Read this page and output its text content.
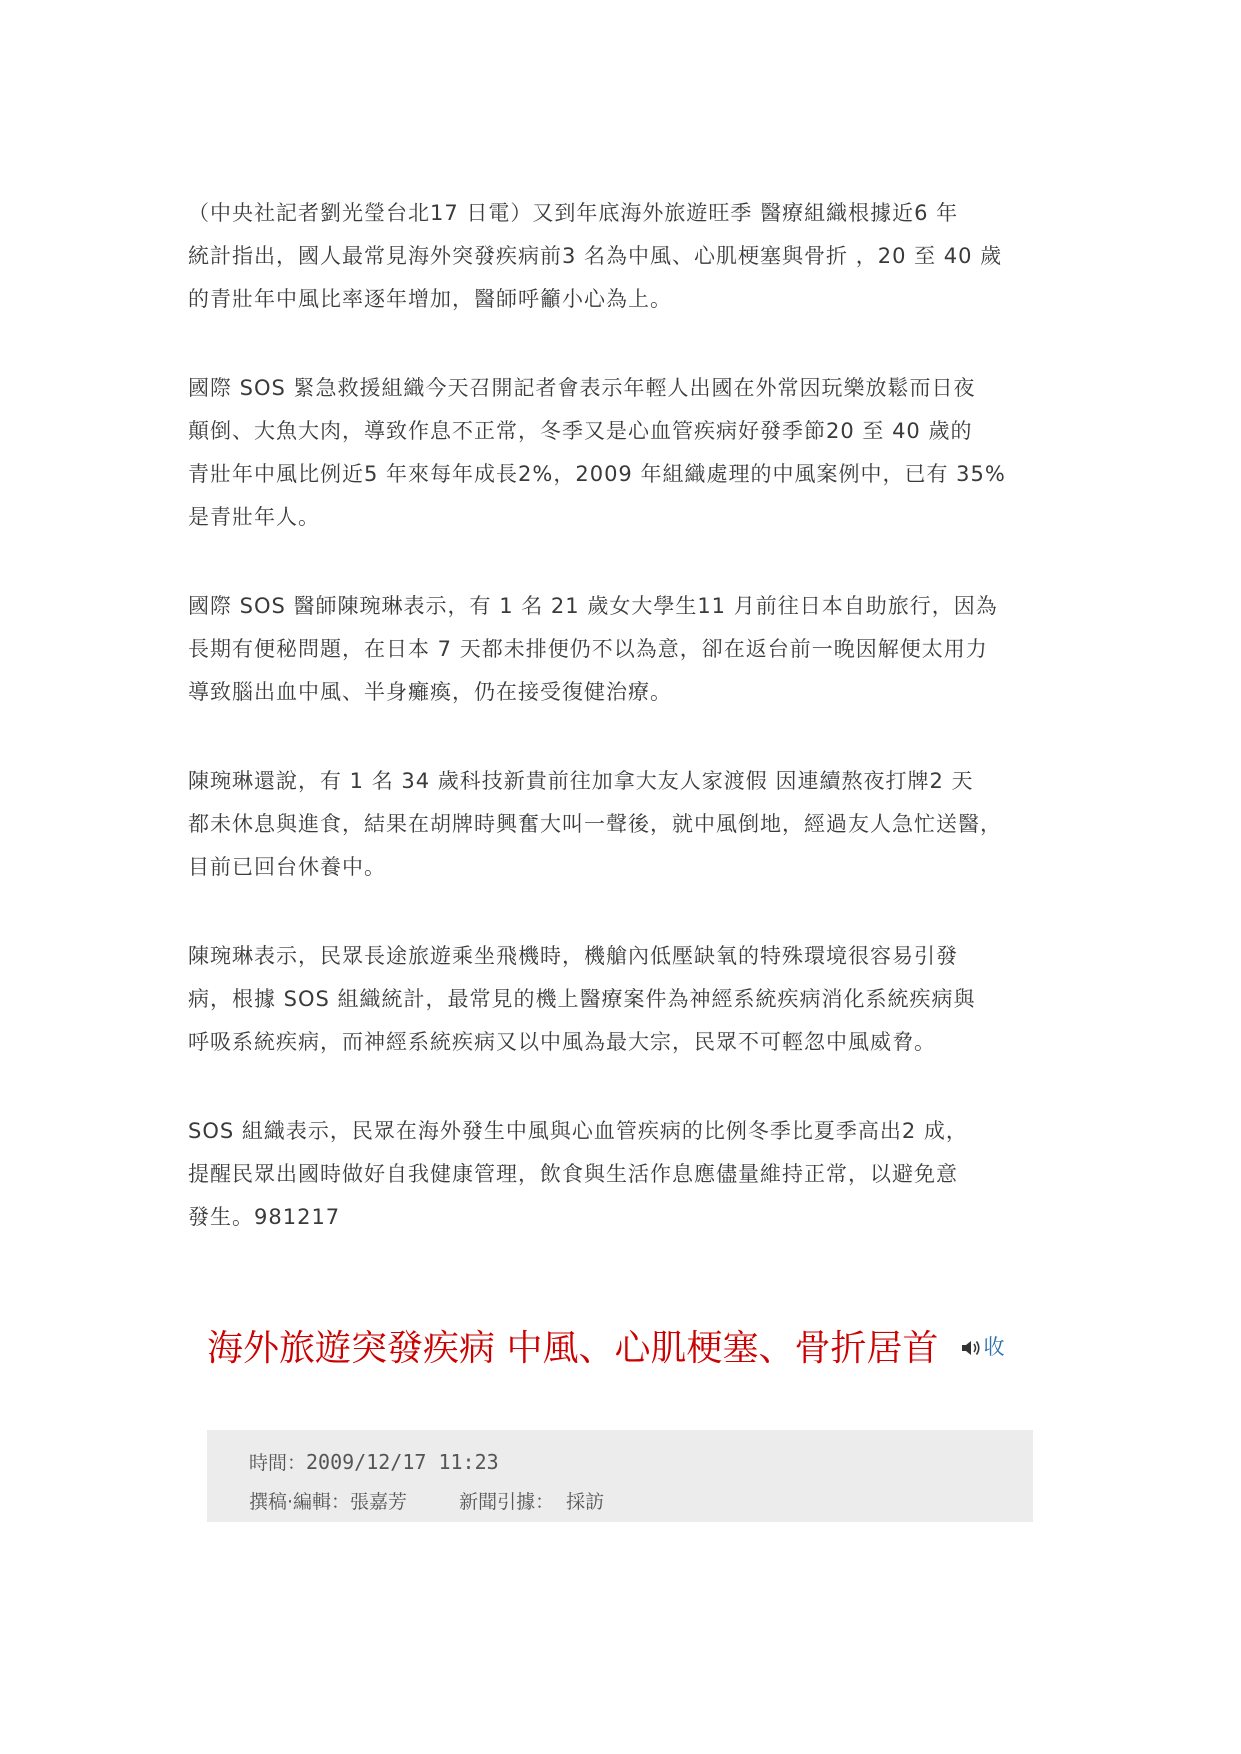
（中央社記者劉光瑩台北17 日電）又到年底海外旅遊旺季 醫療組織根據近6 年
統計指出，國人最常見海外突發疾病前3 名為中風、心肌梗塞與骨折 ，20 至 40 歲
的青壯年中風比率逐年增加，醫師呼籲小心為上。

國際 SOS 緊急救援組織今天召開記者會表示年輕人出國在外常因玩樂放鬆而日夜
顛倒、大魚大肉，導致作息不正常，冬季又是心血管疾病好發季節20 至 40 歲的
青壯年中風比例近5 年來每年成長2%，2009 年組織處理的中風案例中，已有 35%
是青壯年人。

國際 SOS 醫師陳琬琳表示，有 1 名 21 歲女大學生11 月前往日本自助旅行，因為
長期有便秘問題，在日本 7 天都未排便仍不以為意，卻在返台前一晚因解便太用力
導致腦出血中風、半身癱瘓，仍在接受復健治療。

陳琬琳還說，有 1 名 34 歲科技新貴前往加拿大友人家渡假 因連續熬夜打牌2 天
都未休息與進食，結果在胡牌時興奮大叫一聲後，就中風倒地，經過友人急忙送醫，
目前已回台休養中。

陳琬琳表示，民眾長途旅遊乘坐飛機時，機艙內低壓缺氧的特殊環境很容易引發
病，根據 SOS 組織統計，最常見的機上醫療案件為神經系統疾病消化系統疾病與
呼吸系統疾病，而神經系統疾病又以中風為最大宗，民眾不可輕忽中風威脅。

SOS 組織表示，民眾在海外發生中風與心血管疾病的比例冬季比夏季高出2 成，
提醒民眾出國時做好自我健康管理，飲食與生活作息應儘量維持正常，以避免意
發生。981217

海外旅遊突發疾病 中風、心肌梗塞、骨折居首 收
時間：2009/12/17 11:23
撰稿‧編輯：張嘉芳	新聞引據： 採訪
